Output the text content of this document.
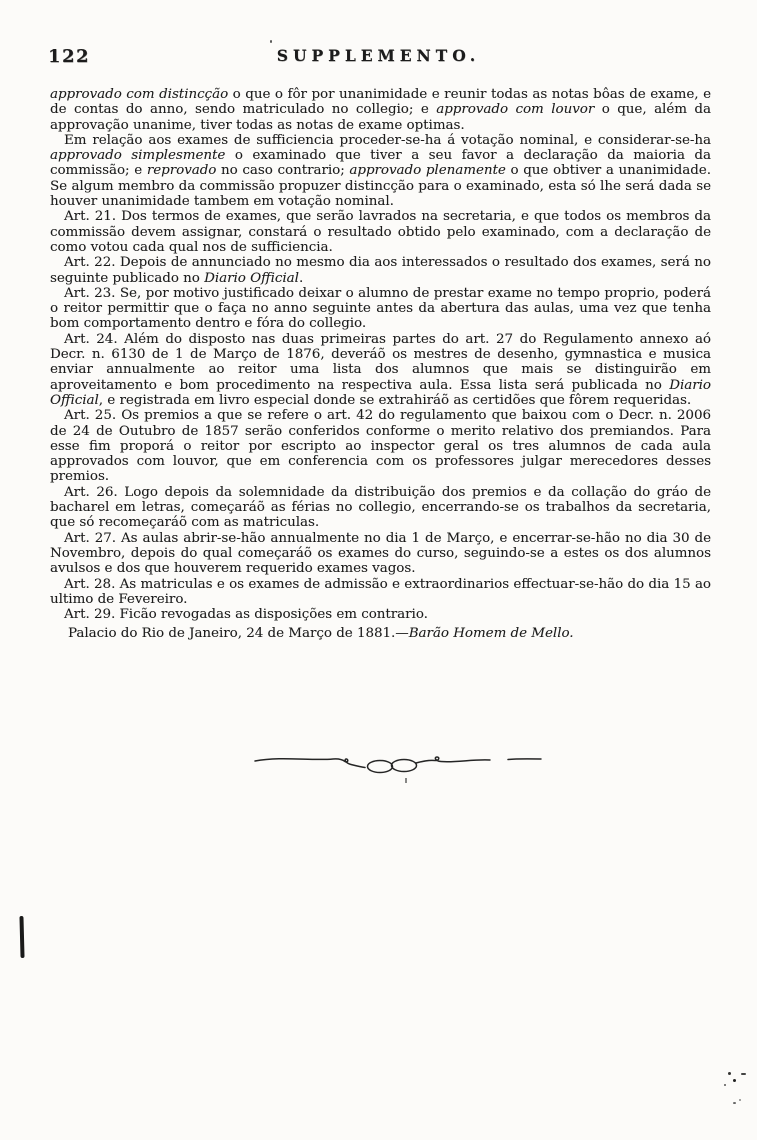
122	SUPPLEMENTO.

approvado com distincção o que o fôr por unanimidade e reunir todas as notas bôas de exame, e de contas do anno, sendo matriculado no collegio; e approvado com louvor o que, além da approvação unanime, tiver todas as notas de exame optimas.

Em relação aos exames de sufficiencia proceder-se-ha á votação nominal, e considerar-se-ha approvado simplesmente o examinado que tiver a seu favor a declaração da maioria da commissão; e reprovado no caso contrario; approvado plenamente o que obtiver a unanimidade. Se algum membro da commissão propuzer distincção para o examinado, esta só lhe será dada se houver unanimidade tambem em votação nominal.

Art. 21. Dos termos de exames, que serão lavrados na secretaria, e que todos os membros da commissão devem assignar, constará o resultado obtido pelo examinado, com a declaração de como votou cada qual nos de sufficiencia.

Art. 22. Depois de annunciado no mesmo dia aos interessados o resultado dos exames, será no seguinte publicado no Diario Official.

Art. 23. Se, por motivo justificado deixar o alumno de prestar exame no tempo proprio, poderá o reitor permittir que o faça no anno seguinte antes da abertura das aulas, uma vez que tenha bom comportamento dentro e fóra do collegio.

Art. 24. Além do disposto nas duas primeiras partes do art. 27 do Regulamento annexo aó Decr. n. 6130 de 1 de Março de 1876, deveráõ os mestres de desenho, gymnastica e musica enviar annualmente ao reitor uma lista dos alumnos que mais se distinguirão em aproveitamento e bom procedimento na respectiva aula. Essa lista será publicada no Diario Official, e registrada em livro especial donde se extrahiráõ as certidões que fôrem requeridas.

Art. 25. Os premios a que se refere o art. 42 do regulamento que baixou com o Decr. n. 2006 de 24 de Outubro de 1857 serão conferidos conforme o merito relativo dos premiandos. Para esse fim proporá o reitor por escripto ao inspector geral os tres alumnos de cada aula approvados com louvor, que em conferencia com os professores julgar merecedores desses premios.

Art. 26. Logo depois da solemnidade da distribuição dos premios e da collação do gráo de bacharel em letras, começaráõ as férias no collegio, encerrando-se os trabalhos da secretaria, que só recomeçaráõ com as matriculas.

Art. 27. As aulas abrir-se-hão annualmente no dia 1 de Março, e encerrar-se-hão no dia 30 de Novembro, depois do qual começaráõ os exames do curso, seguindo-se a estes os dos alumnos avulsos e dos que houverem requerido exames vagos.

Art. 28. As matriculas e os exames de admissão e extraordinarios effectuar-se-hão do dia 15 ao ultimo de Fevereiro.

Art. 29. Ficão revogadas as disposições em contrario.

Palacio do Rio de Janeiro, 24 de Março de 1881.—Barão Homem de Mello.
